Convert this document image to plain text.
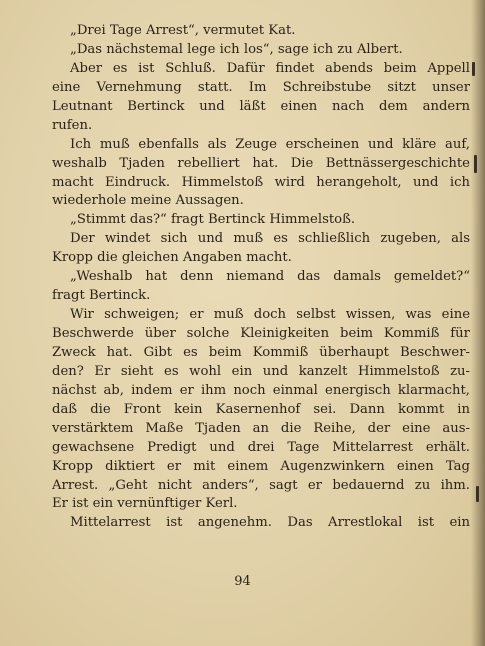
„Drei Tage Arrest“, vermutet Kat.
„Das nächstemal lege ich los“, sage ich zu Albert.
Aber es ist Schluß. Dafür findet abends beim Appell
eine Vernehmung statt. Im Schreibstube sitzt unser
Leutnant Bertinck und läßt einen nach dem andern
rufen.
Ich muß ebenfalls als Zeuge erscheinen und kläre auf,
weshalb Tjaden rebelliert hat. Die Bettnässergeschichte
macht Eindruck. Himmelstoß wird herangeholt, und ich
wiederhole meine Aussagen.
„Stimmt das?“ fragt Bertinck Himmelstoß.
Der windet sich und muß es schließlich zugeben, als
Kropp die gleichen Angaben macht.
„Weshalb hat denn niemand das damals gemeldet?“
fragt Bertinck.
Wir schweigen; er muß doch selbst wissen, was eine
Beschwerde über solche Kleinigkeiten beim Kommiß für
Zweck hat. Gibt es beim Kommiß überhaupt Beschwer-
den? Er sieht es wohl ein und kanzelt Himmelstoß zu-
nächst ab, indem er ihm noch einmal energisch klarmacht,
daß die Front kein Kasernenhof sei. Dann kommt in
verstärktem Maße Tjaden an die Reihe, der eine aus-
gewachsene Predigt und drei Tage Mittelarrest erhält.
Kropp diktiert er mit einem Augenzwinkern einen Tag
Arrest. „Geht nicht anders“, sagt er bedauernd zu ihm.
Er ist ein vernünftiger Kerl.
Mittelarrest ist angenehm. Das Arrestlokal ist ein
94
